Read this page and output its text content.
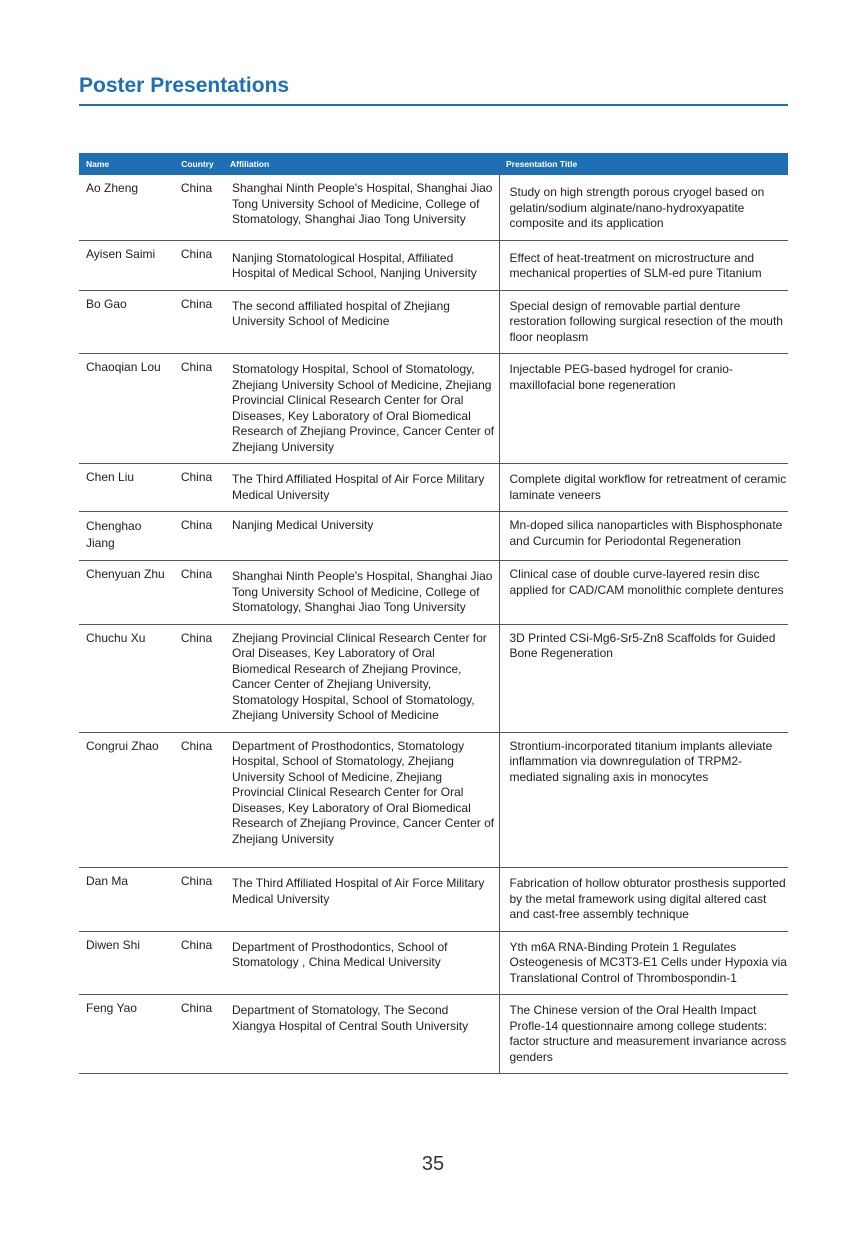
Poster Presentations
Name	Country	Affiliation	Presentation Title
Ao Zheng	China	Shanghai Ninth People's Hospital, Shanghai Jiao Tong University School of Medicine, College of Stomatology, Shanghai Jiao Tong University	Study on high strength porous cryogel based on gelatin/sodium alginate/nano-hydroxyapatite composite and its application

Ayisen Saimi	China	Nanjing Stomatological Hospital, Affiliated Hospital of Medical School, Nanjing University	Effect of heat-treatment on microstructure and mechanical properties of SLM-ed pure Titanium

Bo Gao	China	The second affiliated hospital of Zhejiang University School of Medicine	Special design of removable partial denture restoration following surgical resection of the mouth floor neoplasm

Chaoqian Lou	China	Stomatology Hospital, School of Stomatology, Zhejiang University School of Medicine, Zhejiang Provincial Clinical Research Center for Oral Diseases, Key Laboratory of Oral Biomedical Research of Zhejiang Province, Cancer Center of Zhejiang University	Injectable PEG-based hydrogel for cranio-maxillofacial bone regeneration

Chen Liu	China	The Third Affiliated Hospital of Air Force Military Medical University	Complete digital workflow for retreatment of ceramic laminate veneers

Chenghao Jiang	China	Nanjing Medical University	Mn-doped silica nanoparticles with Bisphosphonate and Curcumin for Periodontal Regeneration
Chenyuan Zhu	China	Shanghai Ninth People's Hospital, Shanghai Jiao Tong University School of Medicine, College of Stomatology, Shanghai Jiao Tong University	Clinical case of double curve-layered resin disc applied for CAD/CAM monolithic complete dentures
Chuchu Xu	China	Zhejiang Provincial Clinical Research Center for Oral Diseases, Key Laboratory of Oral Biomedical Research of Zhejiang Province, Cancer Center of Zhejiang University, Stomatology Hospital, School of Stomatology, Zhejiang University School of Medicine	3D Printed CSi-Mg6-Sr5-Zn8 Scaffolds for Guided Bone Regeneration
Congrui Zhao	China	Department of Prosthodontics, Stomatology Hospital, School of Stomatology, Zhejiang University School of Medicine, Zhejiang Provincial Clinical Research Center for Oral Diseases, Key Laboratory of Oral Biomedical Research of Zhejiang Province, Cancer Center of Zhejiang University	Strontium-incorporated titanium implants alleviate inflammation via downregulation of TRPM2-mediated signaling axis in monocytes
Dan Ma	China	The Third Affiliated Hospital of Air Force Military Medical University	Fabrication of hollow obturator prosthesis supported by the metal framework using digital altered cast and cast-free assembly technique

Diwen Shi	China	Department of Prosthodontics, School of Stomatology , China Medical University	Yth m6A RNA-Binding Protein 1 Regulates Osteogenesis of MC3T3-E1 Cells under Hypoxia via Translational Control of Thrombospondin-1

Feng Yao	China	Department of Stomatology, The Second Xiangya Hospital of Central South University	The Chinese version of the Oral Health Impact Profle-14 questionnaire among college students: factor structure and measurement invariance across genders
35
